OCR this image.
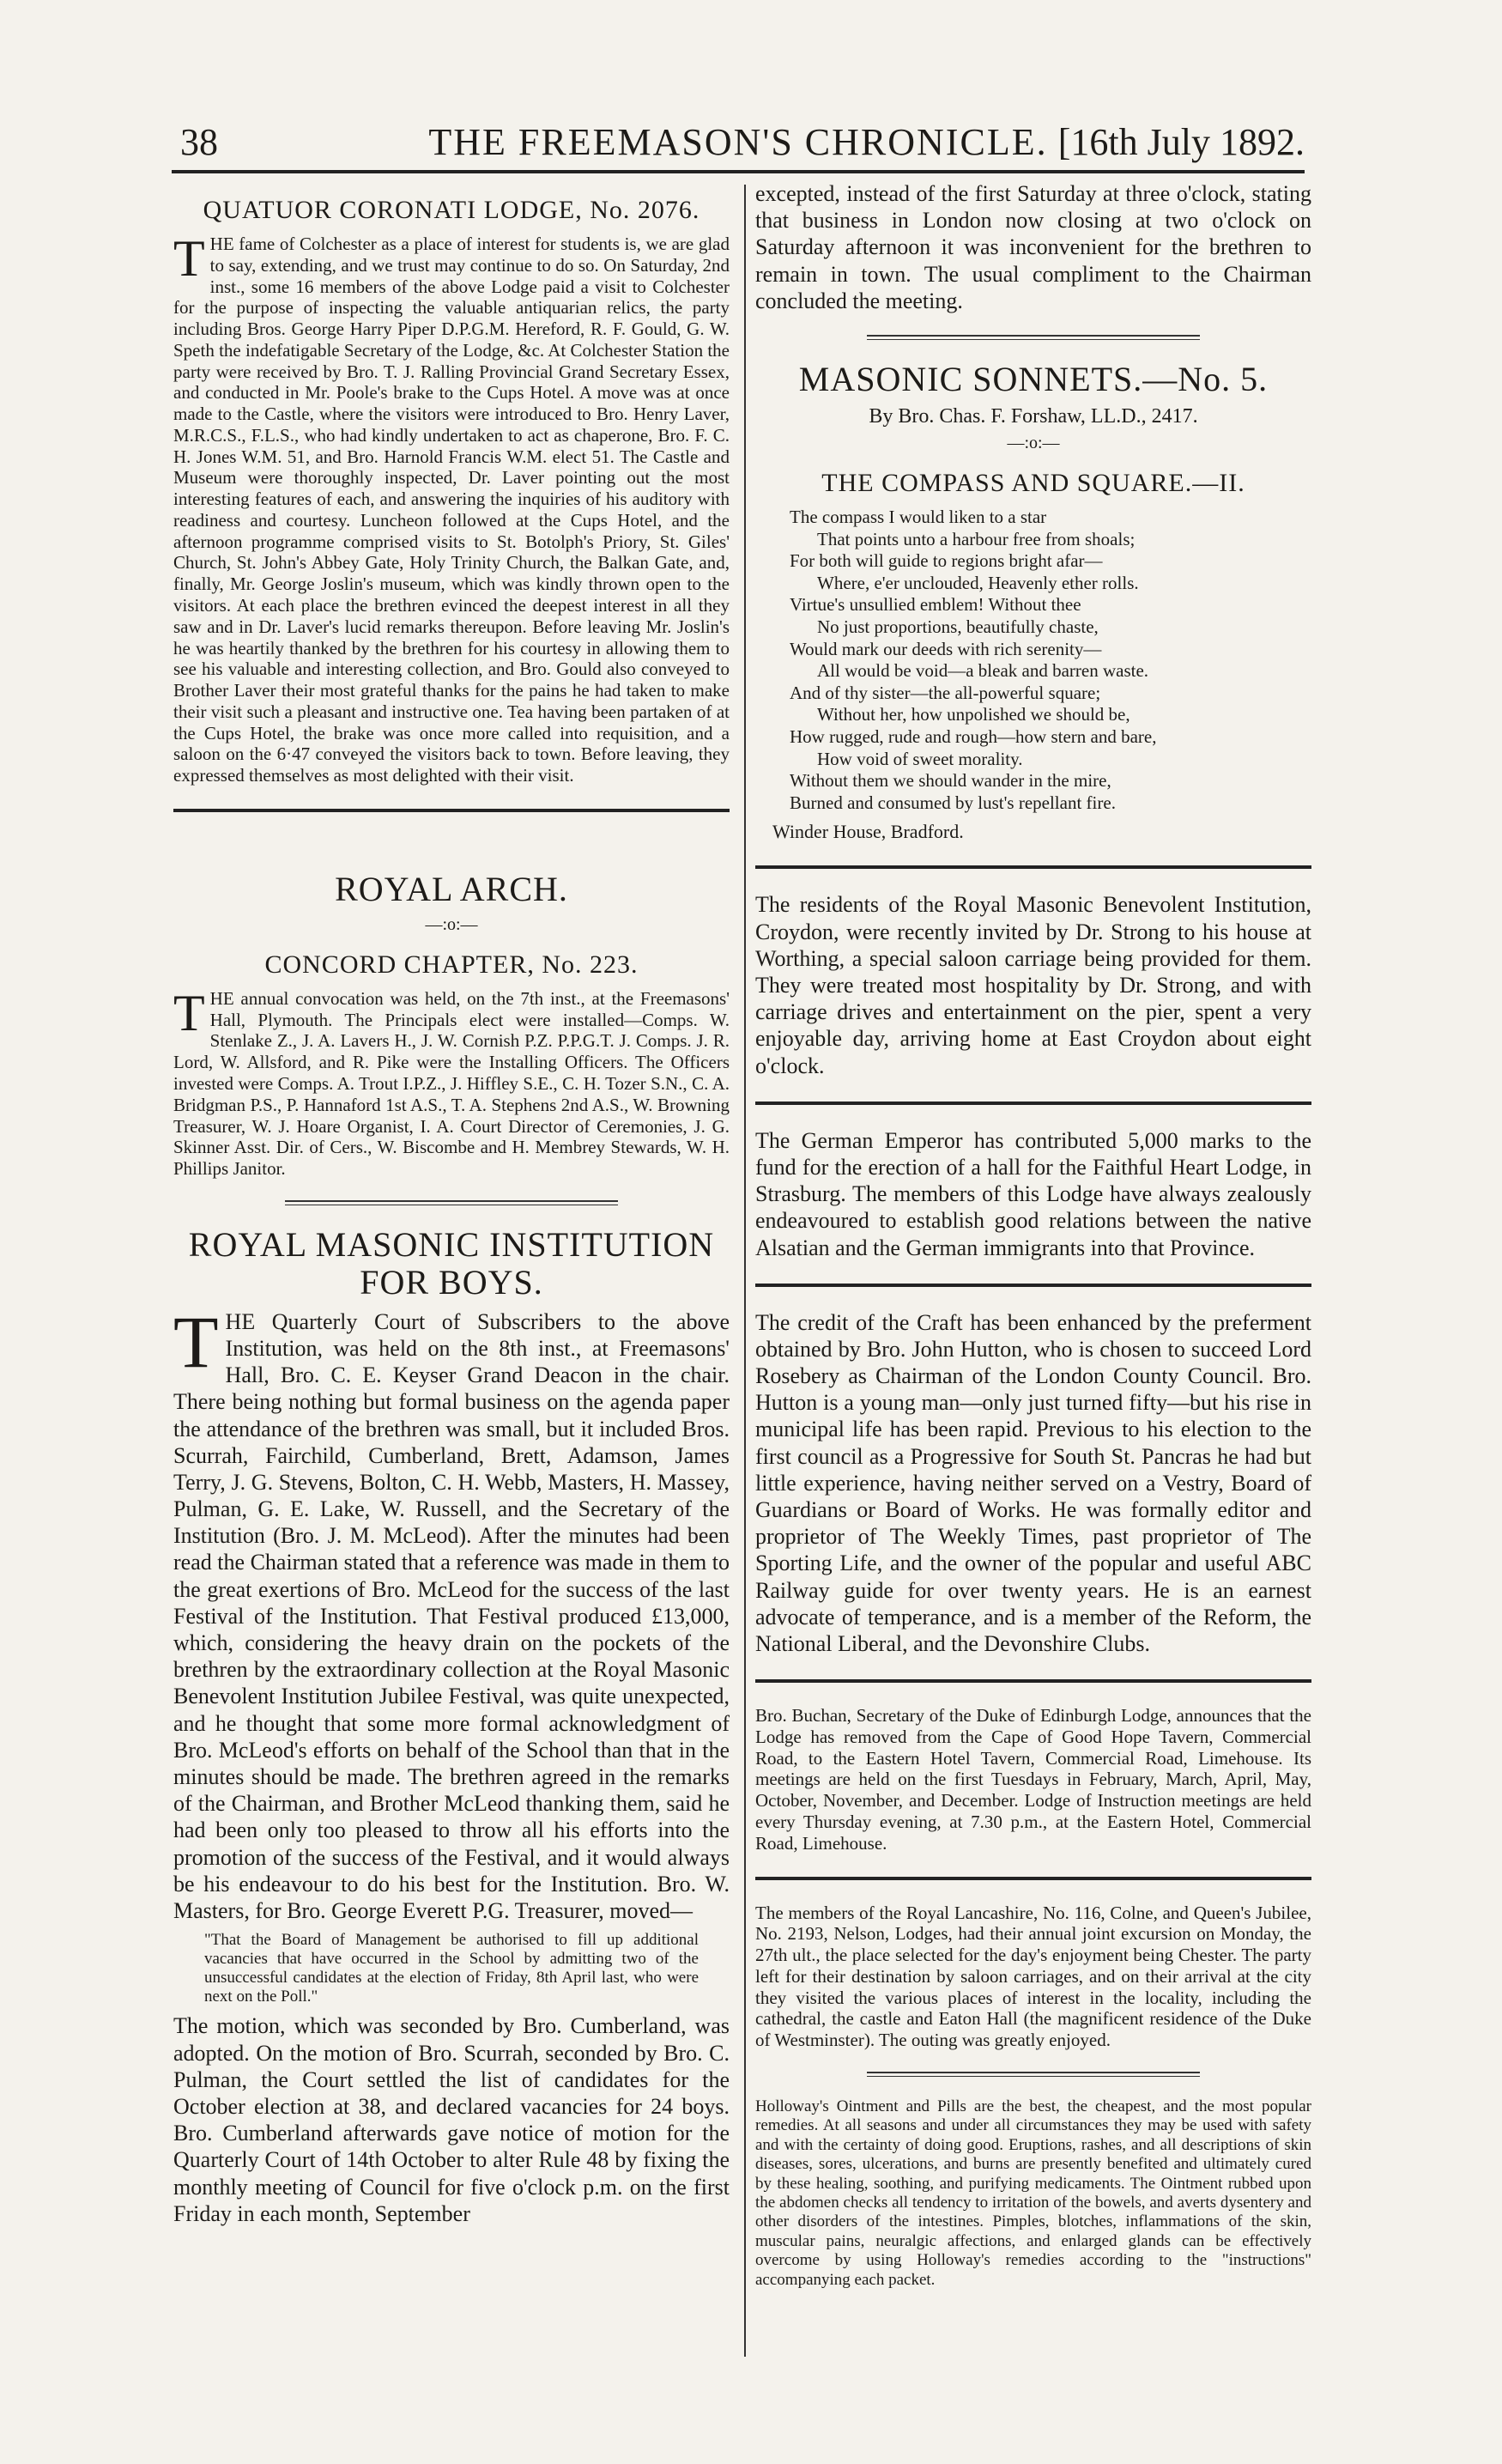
38	THE FREEMASON'S CHRONICLE. [16th July 1892.
QUATUOR CORONATI LODGE, No. 2076.

THE fame of Colchester as a place of interest for students is, we are glad to say, extending, and we trust may continue to do so. On Saturday, 2nd inst., some 16 members of the above Lodge paid a visit to Colchester for the purpose of inspecting the valuable antiquarian relics, the party including Bros. George Harry Piper D.P.G.M. Hereford, R. F. Gould, G. W. Speth the indefatigable Secretary of the Lodge, &c. At Colchester Station the party were received by Bro. T. J. Ralling Provincial Grand Secretary Essex, and conducted in Mr. Poole's brake to the Cups Hotel. A move was at once made to the Castle, where the visitors were introduced to Bro. Henry Laver, M.R.C.S., F.L.S., who had kindly undertaken to act as chaperone, Bro. F. C. H. Jones W.M. 51, and Bro. Harnold Francis W.M. elect 51. The Castle and Museum were thoroughly inspected, Dr. Laver pointing out the most interesting features of each, and answering the inquiries of his auditory with readiness and courtesy. Luncheon followed at the Cups Hotel, and the afternoon programme comprised visits to St. Botolph's Priory, St. Giles' Church, St. John's Abbey Gate, Holy Trinity Church, the Balkan Gate, and, finally, Mr. George Joslin's museum, which was kindly thrown open to the visitors. At each place the brethren evinced the deepest interest in all they saw and in Dr. Laver's lucid remarks thereupon. Before leaving Mr. Joslin's he was heartily thanked by the brethren for his courtesy in allowing them to see his valuable and interesting collection, and Bro. Gould also conveyed to Brother Laver their most grateful thanks for the pains he had taken to make their visit such a pleasant and instructive one. Tea having been partaken of at the Cups Hotel, the brake was once more called into requisition, and a saloon on the 6·47 conveyed the visitors back to town. Before leaving, they expressed themselves as most delighted with their visit.

ROYAL ARCH.
—:o:—
CONCORD CHAPTER, No. 223.

THE annual convocation was held, on the 7th inst., at the Freemasons' Hall, Plymouth. The Principals elect were installed—Comps. W. Stenlake Z., J. A. Lavers H., J. W. Cornish P.Z. P.P.G.T. J. Comps. J. R. Lord, W. Allsford, and R. Pike were the Installing Officers. The Officers invested were Comps. A. Trout I.P.Z., J. Hiffley S.E., C. H. Tozer S.N., C. A. Bridgman P.S., P. Hannaford 1st A.S., T. A. Stephens 2nd A.S., W. Browning Treasurer, W. J. Hoare Organist, I. A. Court Director of Ceremonies, J. G. Skinner Asst. Dir. of Cers., W. Biscombe and H. Membrey Stewards, W. H. Phillips Janitor.

ROYAL MASONIC INSTITUTION FOR BOYS.

THE Quarterly Court of Subscribers to the above Institution, was held on the 8th inst., at Freemasons' Hall, Bro. C. E. Keyser Grand Deacon in the chair. There being nothing but formal business on the agenda paper the attendance of the brethren was small, but it included Bros. Scurrah, Fairchild, Cumberland, Brett, Adamson, James Terry, J. G. Stevens, Bolton, C. H. Webb, Masters, H. Massey, Pulman, G. E. Lake, W. Russell, and the Secretary of the Institution (Bro. J. M. McLeod). After the minutes had been read the Chairman stated that a reference was made in them to the great exertions of Bro. McLeod for the success of the last Festival of the Institution. That Festival produced £13,000, which, considering the heavy drain on the pockets of the brethren by the extraordinary collection at the Royal Masonic Benevolent Institution Jubilee Festival, was quite unexpected, and he thought that some more formal acknowledgment of Bro. McLeod's efforts on behalf of the School than that in the minutes should be made. The brethren agreed in the remarks of the Chairman, and Brother McLeod thanking them, said he had been only too pleased to throw all his efforts into the promotion of the success of the Festival, and it would always be his endeavour to do his best for the Institution. Bro. W. Masters, for Bro. George Everett P.G. Treasurer, moved—

"That the Board of Management be authorised to fill up additional vacancies that have occurred in the School by admitting two of the unsuccessful candidates at the election of Friday, 8th April last, who were next on the Poll."

The motion, which was seconded by Bro. Cumberland, was adopted. On the motion of Bro. Scurrah, seconded by Bro. C. Pulman, the Court settled the list of candidates for the October election at 38, and declared vacancies for 24 boys. Bro. Cumberland afterwards gave notice of motion for the Quarterly Court of 14th October to alter Rule 48 by fixing the monthly meeting of Council for five o'clock p.m. on the first Friday in each month, September

excepted, instead of the first Saturday at three o'clock, stating that business in London now closing at two o'clock on Saturday afternoon it was inconvenient for the brethren to remain in town. The usual compliment to the Chairman concluded the meeting.

MASONIC SONNETS.—No. 5.
By Bro. Chas. F. Forshaw, LL.D., 2417.
—:o:—
THE COMPASS AND SQUARE.—II.
The compass I would liken to a star
That points unto a harbour free from shoals;
For both will guide to regions bright afar—
Where, e'er unclouded, Heavenly ether rolls.
Virtue's unsullied emblem! Without thee
No just proportions, beautifully chaste,
Would mark our deeds with rich serenity—
All would be void—a bleak and barren waste.
And of thy sister—the all-powerful square;
Without her, how unpolished we should be,
How rugged, rude and rough—how stern and bare,
How void of sweet morality.
Without them we should wander in the mire,
Burned and consumed by lust's repellant fire.
Winder House, Bradford.

The residents of the Royal Masonic Benevolent Institution, Croydon, were recently invited by Dr. Strong to his house at Worthing, a special saloon carriage being provided for them. They were treated most hospitality by Dr. Strong, and with carriage drives and entertainment on the pier, spent a very enjoyable day, arriving home at East Croydon about eight o'clock.

The German Emperor has contributed 5,000 marks to the fund for the erection of a hall for the Faithful Heart Lodge, in Strasburg. The members of this Lodge have always zealously endeavoured to establish good relations between the native Alsatian and the German immigrants into that Province.

The credit of the Craft has been enhanced by the preferment obtained by Bro. John Hutton, who is chosen to succeed Lord Rosebery as Chairman of the London County Council. Bro. Hutton is a young man—only just turned fifty—but his rise in municipal life has been rapid. Previous to his election to the first council as a Progressive for South St. Pancras he had but little experience, having neither served on a Vestry, Board of Guardians or Board of Works. He was formally editor and proprietor of The Weekly Times, past proprietor of The Sporting Life, and the owner of the popular and useful ABC Railway guide for over twenty years. He is an earnest advocate of temperance, and is a member of the Reform, the National Liberal, and the Devonshire Clubs.

Bro. Buchan, Secretary of the Duke of Edinburgh Lodge, announces that the Lodge has removed from the Cape of Good Hope Tavern, Commercial Road, to the Eastern Hotel Tavern, Commercial Road, Limehouse. Its meetings are held on the first Tuesdays in February, March, April, May, October, November, and December. Lodge of Instruction meetings are held every Thursday evening, at 7.30 p.m., at the Eastern Hotel, Commercial Road, Limehouse.

The members of the Royal Lancashire, No. 116, Colne, and Queen's Jubilee, No. 2193, Nelson, Lodges, had their annual joint excursion on Monday, the 27th ult., the place selected for the day's enjoyment being Chester. The party left for their destination by saloon carriages, and on their arrival at the city they visited the various places of interest in the locality, including the cathedral, the castle and Eaton Hall (the magnificent residence of the Duke of Westminster). The outing was greatly enjoyed.

Holloway's Ointment and Pills are the best, the cheapest, and the most popular remedies. At all seasons and under all circumstances they may be used with safety and with the certainty of doing good. Eruptions, rashes, and all descriptions of skin diseases, sores, ulcerations, and burns are presently benefited and ultimately cured by these healing, soothing, and purifying medicaments. The Ointment rubbed upon the abdomen checks all tendency to irritation of the bowels, and averts dysentery and other disorders of the intestines. Pimples, blotches, inflammations of the skin, muscular pains, neuralgic affections, and enlarged glands can be effectively overcome by using Holloway's remedies according to the "instructions" accompanying each packet.
